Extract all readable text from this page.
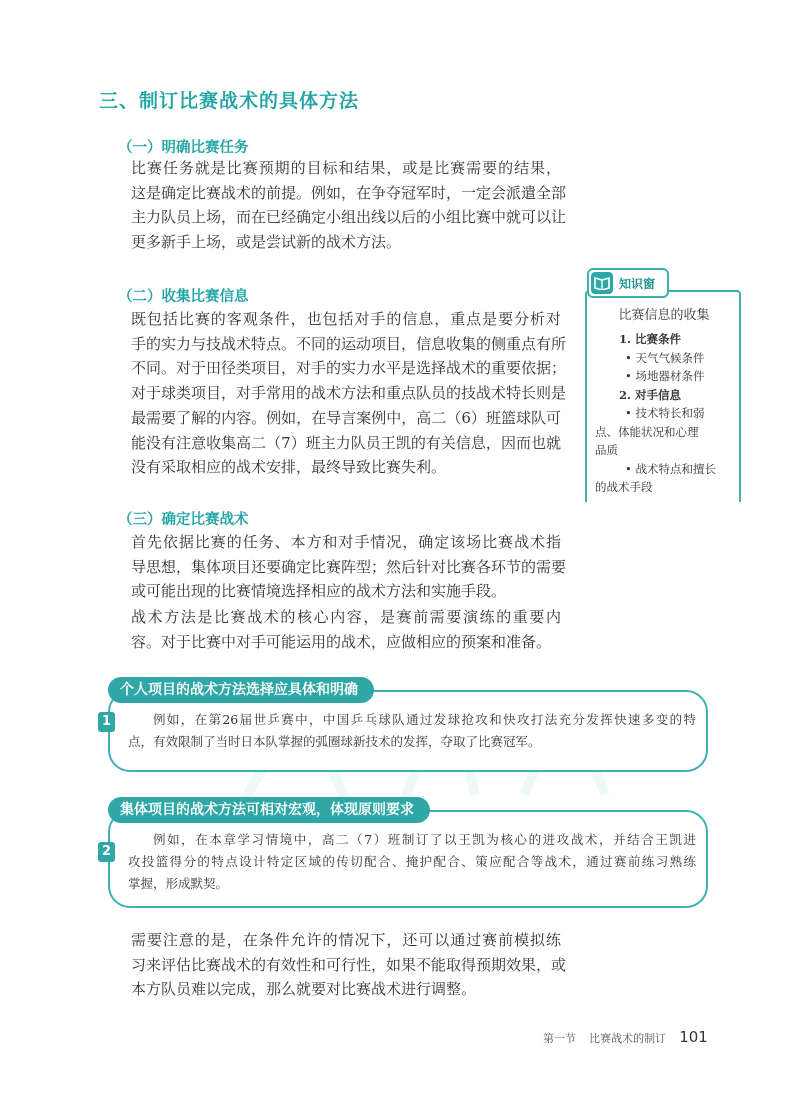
三、制订比赛战术的具体方法
（一）明确比赛任务
比赛任务就是比赛预期的目标和结果，或是比赛需要的结果，
这是确定比赛战术的前提。例如，在争夺冠军时，一定会派遣全部
主力队员上场，而在已经确定小组出线以后的小组比赛中就可以让
更多新手上场，或是尝试新的战术方法。
（二）收集比赛信息
既包括比赛的客观条件，也包括对手的信息，重点是要分析对
手的实力与技战术特点。不同的运动项目，信息收集的侧重点有所
不同。对于田径类项目，对手的实力水平是选择战术的重要依据；
对于球类项目，对手常用的战术方法和重点队员的技战术特长则是
最需要了解的内容。例如，在导言案例中，高二（6）班篮球队可
能没有注意收集高二（7）班主力队员王凯的有关信息，因而也就
没有采取相应的战术安排，最终导致比赛失利。
（三）确定比赛战术
首先依据比赛的任务、本方和对手情况，确定该场比赛战术指
导思想，集体项目还要确定比赛阵型；然后针对比赛各环节的需要
或可能出现的比赛情境选择相应的战术方法和实施手段。
战术方法是比赛战术的核心内容，是赛前需要演练的重要内
容。对于比赛中对手可能运用的战术，应做相应的预案和准备。
知识窗
比赛信息的收集
1. 比赛条件
• 天气气候条件
• 场地器材条件
2. 对手信息
• 技术特长和弱
点、体能状况和心理
品质
• 战术特点和擅长
的战术手段
个人项目的战术方法选择应具体和明确
1	例如，在第26届世乒赛中，中国乒乓球队通过发球抢攻和快攻打法充分发挥快速多变的特
点，有效限制了当时日本队掌握的弧圈球新技术的发挥，夺取了比赛冠军。
集体项目的战术方法可相对宏观，体现原则要求
2
例如，在本章学习情境中，高二（7）班制订了以王凯为核心的进攻战术，并结合王凯进
攻投篮得分的特点设计特定区域的传切配合、掩护配合、策应配合等战术，通过赛前练习熟练
掌握，形成默契。
需要注意的是，在条件允许的情况下，还可以通过赛前模拟练
习来评估比赛战术的有效性和可行性，如果不能取得预期效果，或
本方队员难以完成，那么就要对比赛战术进行调整。
第一节 比赛战术的制订 101
